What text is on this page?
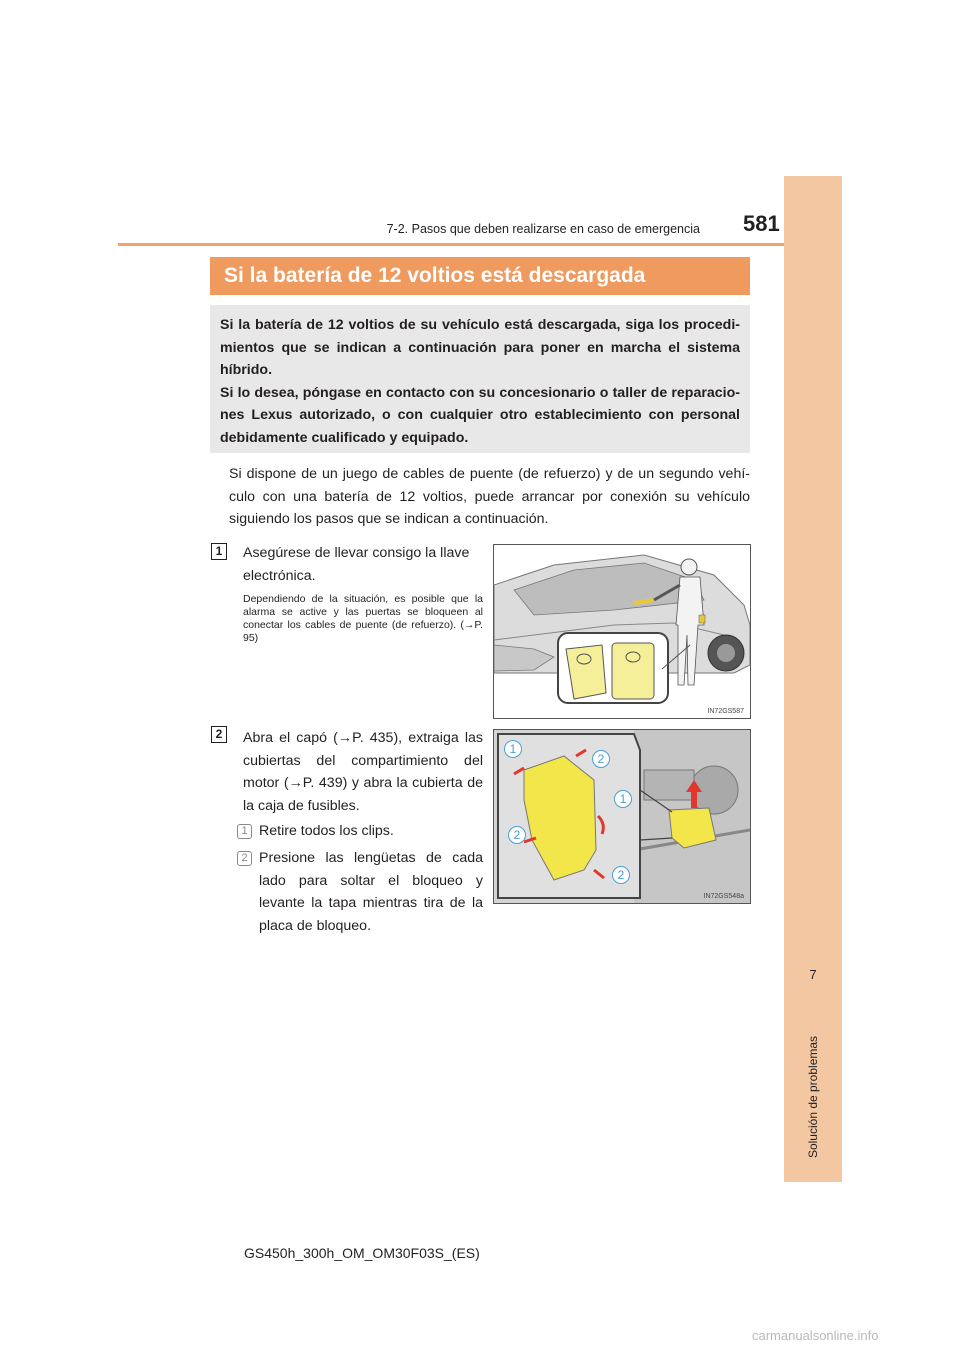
7
Solución de problemas
7-2. Pasos que deben realizarse en caso de emergencia 581
Si la batería de 12 voltios está descargada

Si la batería de 12 voltios de su vehículo está descargada, siga los procedi-mientos que se indican a continuación para poner en marcha el sistema híbrido.

Si lo desea, póngase en contacto con su concesionario o taller de reparacio-nes Lexus autorizado, o con cualquier otro establecimiento con personal debidamente cualificado y equipado.

Si dispone de un juego de cables de puente (de refuerzo) y de un segundo vehí-culo con una batería de 12 voltios, puede arrancar por conexión su vehículo siguiendo los pasos que se indican a continuación.
1	Asegúrese de llevar consigo la llave electrónica.
Dependiendo de la situación, es posible que la alarma se active y las puertas se bloqueen al conectar los cables de puente (de refuerzo). (→P. 95)
IN72GS587
2	Abra el capó (→P. 435), extraiga las cubiertas del compartimiento del motor (→P. 439) y abra la cubierta de la caja de fusibles.
1 Retire todos los clips.
2 Presione las lengüetas de cada lado para soltar el bloqueo y levante la tapa mientras tira de la placa de bloqueo.
1
2
1
2
2
IN72GS548a
GS450h_300h_OM_OM30F03S_(ES)
carmanualsonline.info
